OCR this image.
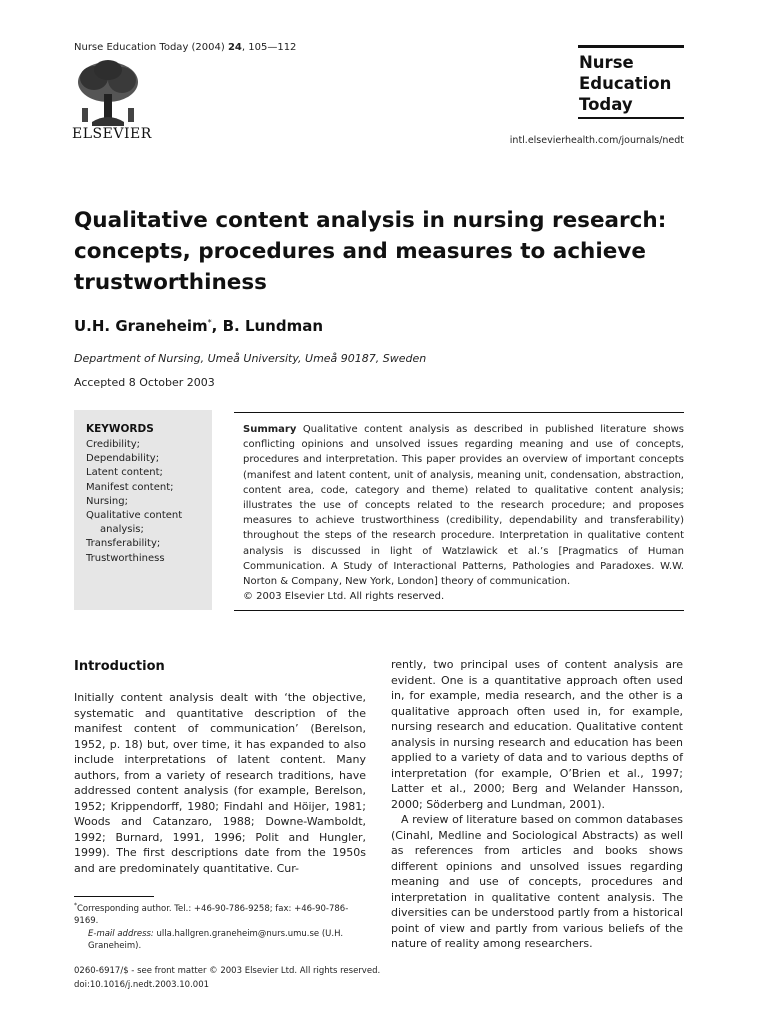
Nurse Education Today (2004) 24, 105—112
ELSEVIER
Nurse
Education
Today
intl.elsevierhealth.com/journals/nedt
Qualitative content analysis in nursing research: concepts, procedures and measures to achieve trustworthiness
U.H. Graneheim*, B. Lundman
Department of Nursing, Umeå University, Umeå 90187, Sweden
Accepted 8 October 2003
KEYWORDS
Credibility;
Dependability;
Latent content;
Manifest content;
Nursing;
Qualitative content
analysis;
Transferability;
Trustworthiness
Summary Qualitative content analysis as described in published literature shows conflicting opinions and unsolved issues regarding meaning and use of concepts, procedures and interpretation. This paper provides an overview of important concepts (manifest and latent content, unit of analysis, meaning unit, condensation, abstraction, content area, code, category and theme) related to qualitative content analysis; illustrates the use of concepts related to the research procedure; and proposes measures to achieve trustworthiness (credibility, dependability and transferability) throughout the steps of the research procedure. Interpretation in qualitative content analysis is discussed in light of Watzlawick et al.’s [Pragmatics of Human Communication. A Study of Interactional Patterns, Pathologies and Paradoxes. W.W. Norton & Company, New York, London] theory of communication.
© 2003 Elsevier Ltd. All rights reserved.
Introduction
Initially content analysis dealt with ‘the objective, systematic and quantitative description of the manifest content of communication’ (Berelson, 1952, p. 18) but, over time, it has expanded to also include interpretations of latent content. Many authors, from a variety of research traditions, have addressed content analysis (for example, Berelson, 1952; Krippendorff, 1980; Findahl and Höijer, 1981; Woods and Catanzaro, 1988; Downe-Wamboldt, 1992; Burnard, 1991, 1996; Polit and Hungler, 1999). The first descriptions date from the 1950s and are predominately quantitative. Cur-

rently, two principal uses of content analysis are evident. One is a quantitative approach often used in, for example, media research, and the other is a qualitative approach often used in, for example, nursing research and education. Qualitative content analysis in nursing research and education has been applied to a variety of data and to various depths of interpretation (for example, O’Brien et al., 1997; Latter et al., 2000; Berg and Welander Hansson, 2000; Söderberg and Lundman, 2001).

A review of literature based on common databases (Cinahl, Medline and Sociological Abstracts) as well as references from articles and books shows different opinions and unsolved issues regarding meaning and use of concepts, procedures and interpretation in qualitative content analysis. The diversities can be understood partly from a historical point of view and partly from various beliefs of the nature of reality among researchers.

*Corresponding author. Tel.: +46-90-786-9258; fax: +46-90-786-9169.

E-mail address: ulla.hallgren.graneheim@nurs.umu.se (U.H. Graneheim).

0260-6917/$ - see front matter © 2003 Elsevier Ltd. All rights reserved.
doi:10.1016/j.nedt.2003.10.001
